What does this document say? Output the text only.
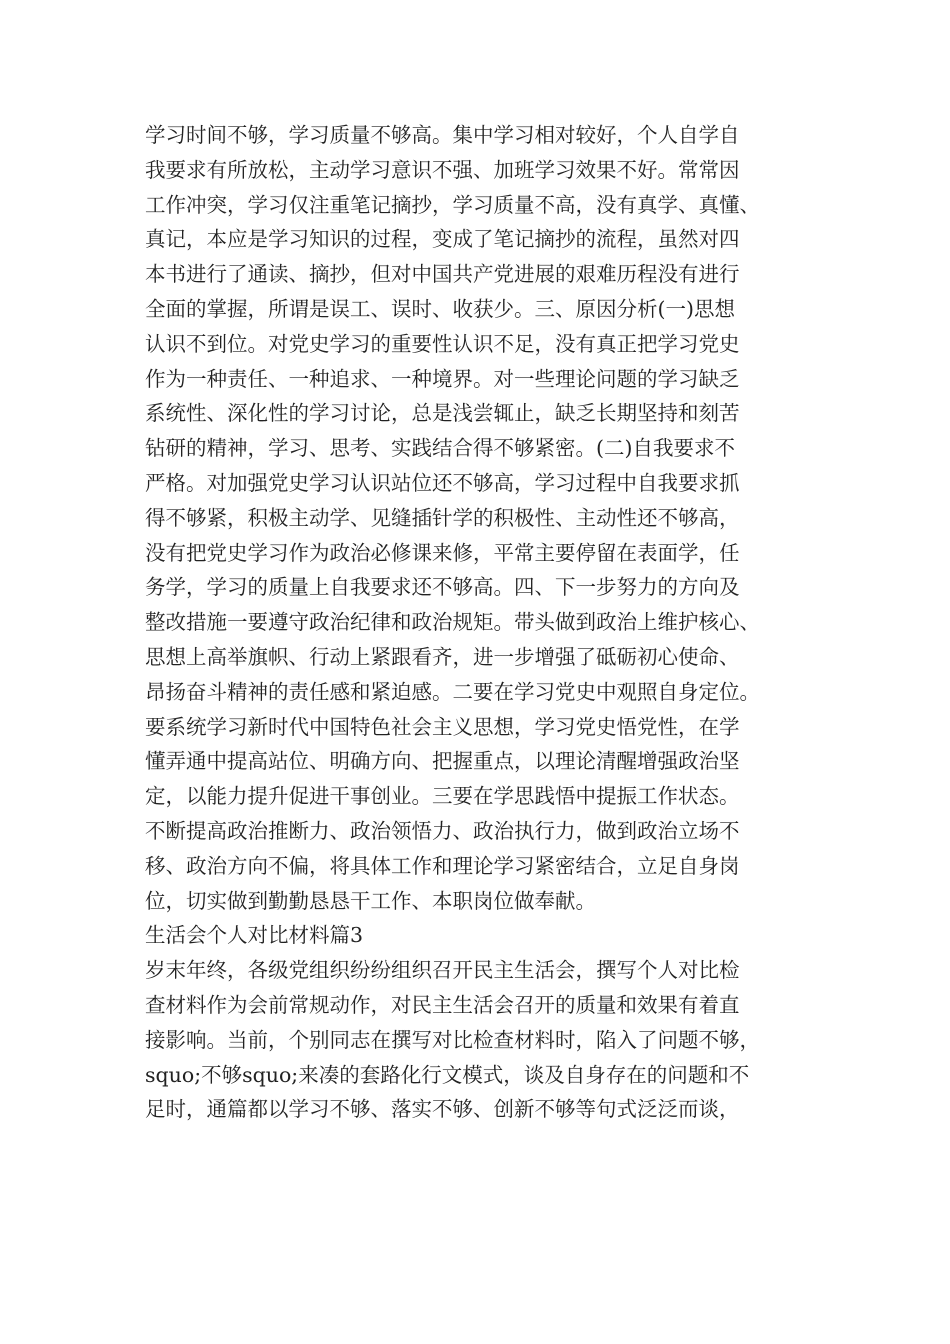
学习时间不够，学习质量不够高。集中学习相对较好，个人自学自
我要求有所放松，主动学习意识不强、加班学习效果不好。常常因
工作冲突，学习仅注重笔记摘抄，学习质量不高，没有真学、真懂、
真记，本应是学习知识的过程，变成了笔记摘抄的流程，虽然对四
本书进行了通读、摘抄，但对中国共产党进展的艰难历程没有进行
全面的掌握，所谓是误工、误时、收获少。三、原因分析(一)思想
认识不到位。对党史学习的重要性认识不足，没有真正把学习党史
作为一种责任、一种追求、一种境界。对一些理论问题的学习缺乏
系统性、深化性的学习讨论，总是浅尝辄止，缺乏长期坚持和刻苦
钻研的精神，学习、思考、实践结合得不够紧密。(二)自我要求不
严格。对加强党史学习认识站位还不够高，学习过程中自我要求抓
得不够紧，积极主动学、见缝插针学的积极性、主动性还不够高，
没有把党史学习作为政治必修课来修，平常主要停留在表面学，任
务学，学习的质量上自我要求还不够高。四、下一步努力的方向及
整改措施一要遵守政治纪律和政治规矩。带头做到政治上维护核心、
思想上高举旗帜、行动上紧跟看齐，进一步增强了砥砺初心使命、
昂扬奋斗精神的责任感和紧迫感。二要在学习党史中观照自身定位。
要系统学习新时代中国特色社会主义思想，学习党史悟党性，在学
懂弄通中提高站位、明确方向、把握重点，以理论清醒增强政治坚
定，以能力提升促进干事创业。三要在学思践悟中提振工作状态。
不断提高政治推断力、政治领悟力、政治执行力，做到政治立场不
移、政治方向不偏，将具体工作和理论学习紧密结合，立足自身岗
位，切实做到勤勤恳恳干工作、本职岗位做奉献。
生活会个人对比材料篇3
岁末年终，各级党组织纷纷组织召开民主生活会，撰写个人对比检
查材料作为会前常规动作，对民主生活会召开的质量和效果有着直
接影响。当前，个别同志在撰写对比检查材料时，陷入了问题不够，
squo;不够squo;来凑的套路化行文模式，谈及自身存在的问题和不
足时，通篇都以学习不够、落实不够、创新不够等句式泛泛而谈，
